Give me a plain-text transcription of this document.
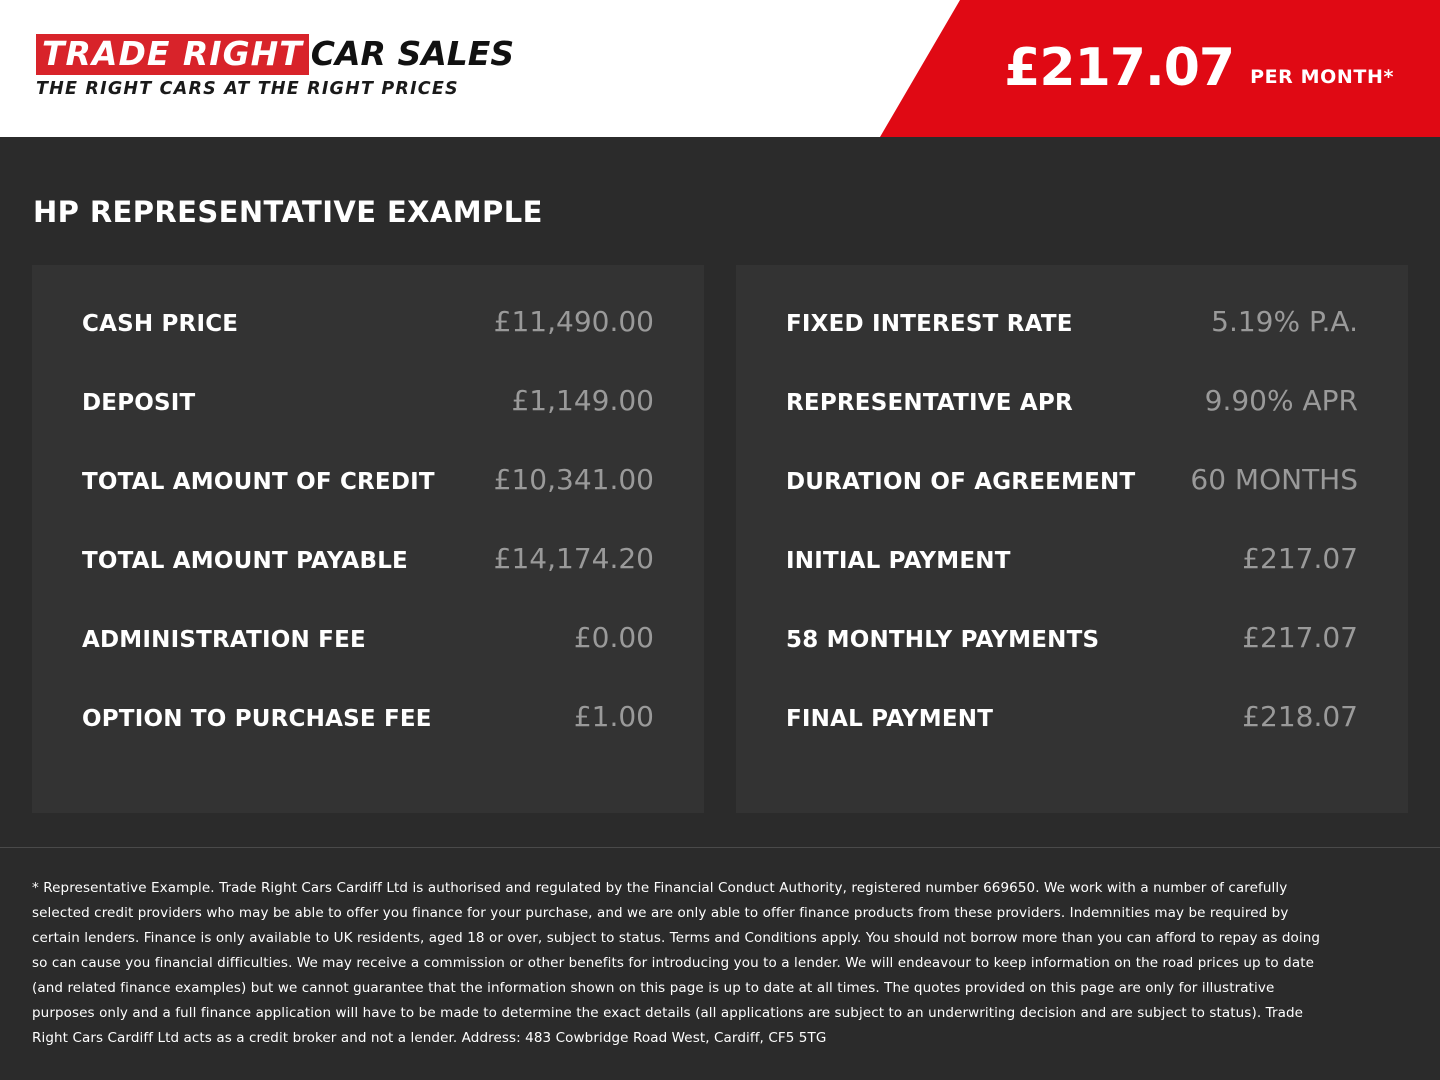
TRADE RIGHT CAR SALES
THE RIGHT CARS AT THE RIGHT PRICES	£217.07 PER MONTH*
HP REPRESENTATIVE EXAMPLE
CASH PRICE	£11,490.00
DEPOSIT	£1,149.00
TOTAL AMOUNT OF CREDIT £10,341.00
TOTAL AMOUNT PAYABLE	£14,174.20
ADMINISTRATION FEE	£0.00
OPTION TO PURCHASE FEE	£1.00
FIXED INTEREST RATE	5.19% P.A.
REPRESENTATIVE APR	9.90% APR
DURATION OF AGREEMENT 60 MONTHS
INITIAL PAYMENT	£217.07
58 MONTHLY PAYMENTS	£217.07
FINAL PAYMENT	£218.07

* Representative Example. Trade Right Cars Cardiff Ltd is authorised and regulated by the Financial Conduct Authority, registered number 669650. We work with a number of carefully selected credit providers who may be able to offer you finance for your purchase, and we are only able to offer finance products from these providers. Indemnities may be required by certain lenders. Finance is only available to UK residents, aged 18 or over, subject to status. Terms and Conditions apply. You should not borrow more than you can afford to repay as doing so can cause you financial difficulties. We may receive a commission or other benefits for introducing you to a lender. We will endeavour to keep information on the road prices up to date (and related finance examples) but we cannot guarantee that the information shown on this page is up to date at all times. The quotes provided on this page are only for illustrative purposes only and a full finance application will have to be made to determine the exact details (all applications are subject to an underwriting decision and are subject to status). Trade Right Cars Cardiff Ltd acts as a credit broker and not a lender. Address: 483 Cowbridge Road West, Cardiff, CF5 5TG
